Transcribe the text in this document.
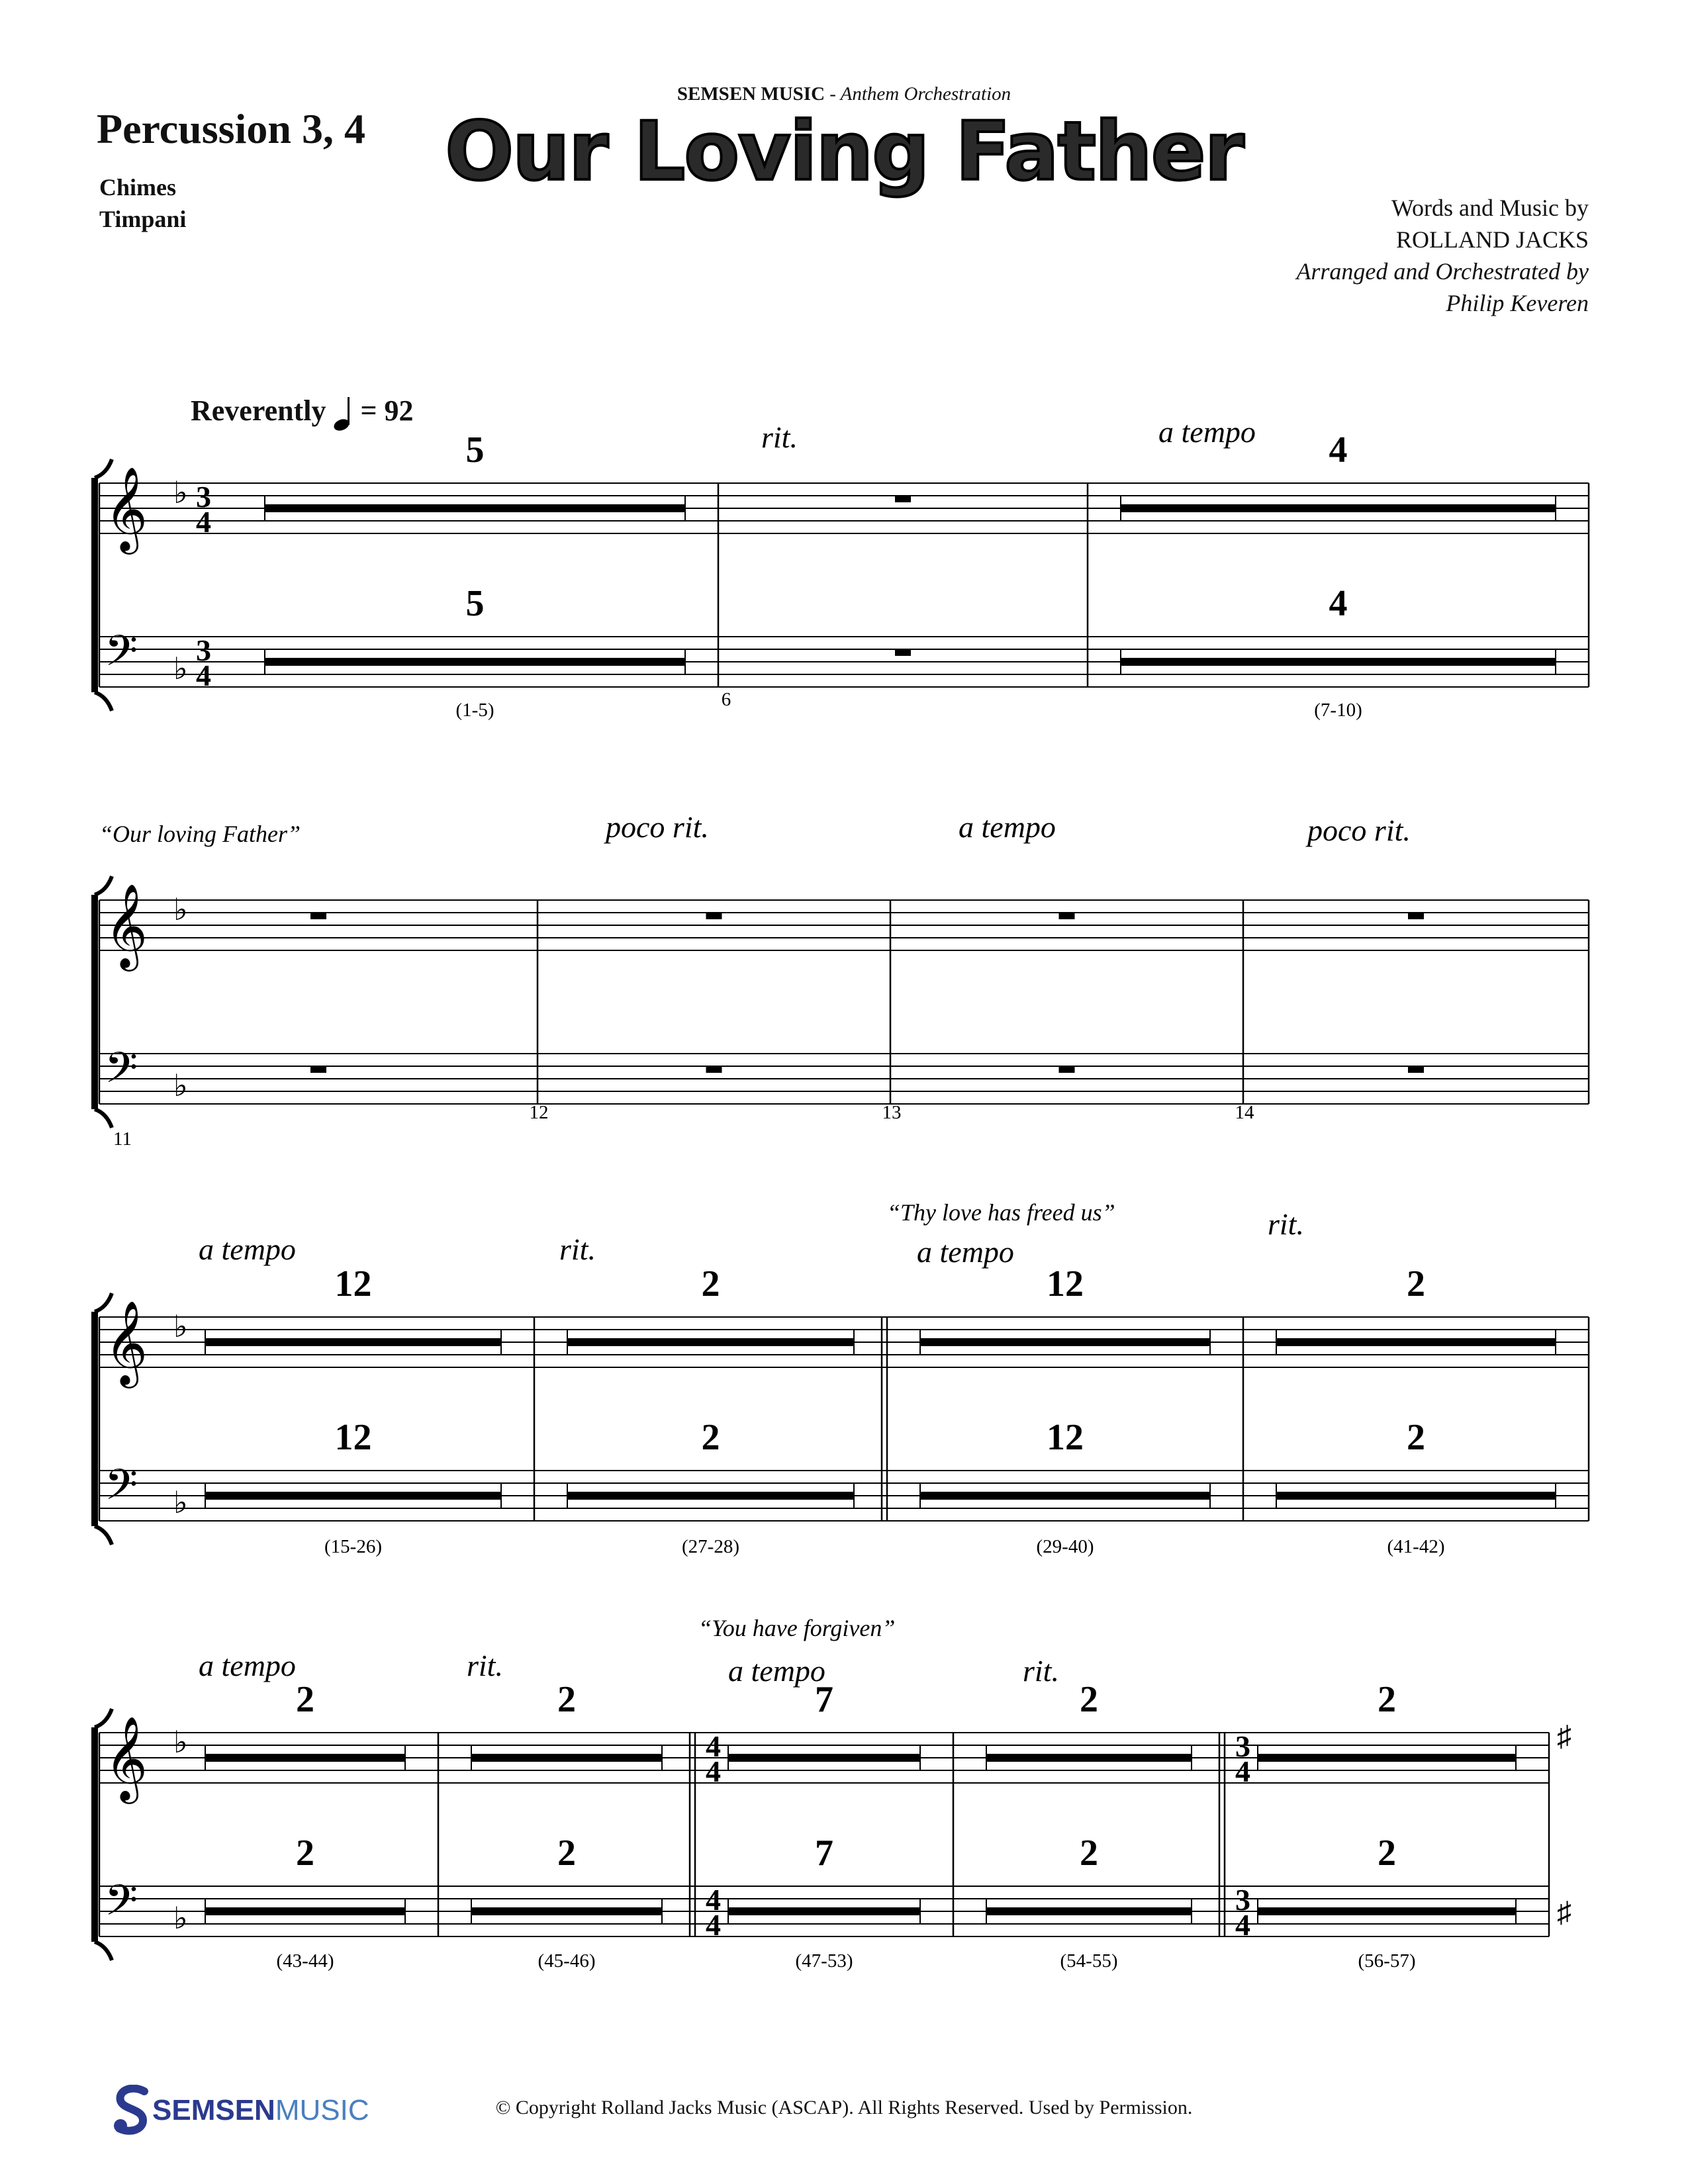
Percussion 3, 4
Chimes
Timpani
SEMSEN MUSIC - Anthem Orchestration
Our Loving Father
Words and Music by
ROLLAND JACKS
Arranged and Orchestrated by
Philip Keveren
Reverently = 92
𝄞 ♭
𝄢 ♭
3
4
3
4
5
5
(1-5)	6
rit.	4
4
(7-10)
a tempo
𝄞 ♭
𝄢 ♭
“Our loving Father”
11
12
poco rit.
13
a tempo
14
poco rit.
𝄞 ♭
𝄢 ♭
“Thy love has freed us”
12
12
(15-26)
a tempo
2
2
(27-28)
rit.
12
12
(29-40)
a tempo
2
2
(41-42)
rit.
𝄞 ♭
𝄢 ♭
♯
♯
“You have forgiven”
2
2
(43-44)
a tempo
2
2
(45-46)
rit.
4
4
4
4
7
7
(47-53)
a tempo
2
2
(54-55)
rit.
3
4
3
4
2
2
(56-57)
SEMSENMUSIC	© Copyright Rolland Jacks Music (ASCAP). All Rights Reserved. Used by Permission.
